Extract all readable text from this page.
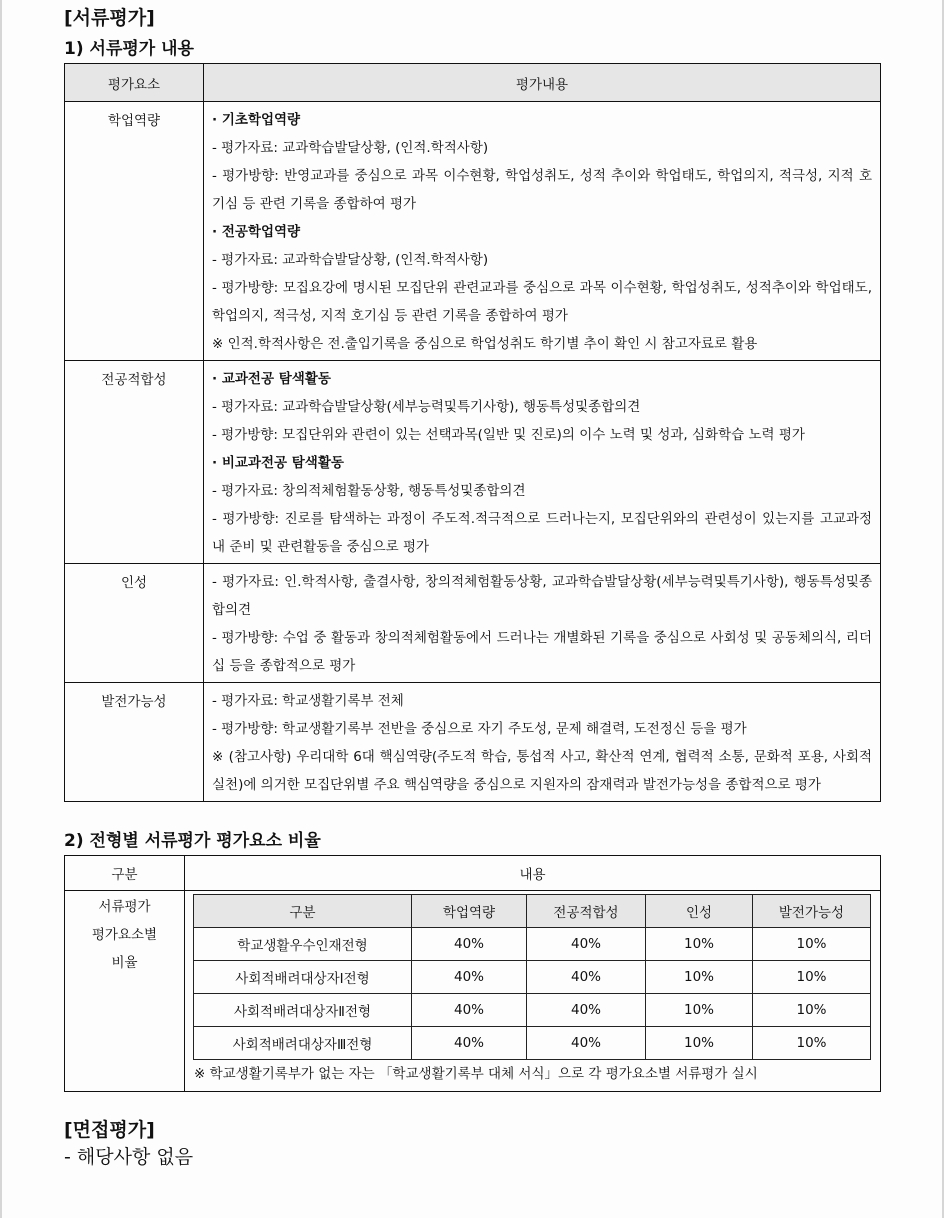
[서류평가]

1) 서류평가 내용

평가요소	평가내용
학업역량	· 기초학업역량
- 평가자료: 교과학습발달상황, (인적.학적사항)
- 평가방향: 반영교과를 중심으로 과목 이수현황, 학업성취도, 성적 추이와 학업태도, 학업의지, 적극성, 지적 호기심 등 관련 기록을 종합하여 평가
· 전공학업역량
- 평가자료: 교과학습발달상황, (인적.학적사항)
- 평가방향: 모집요강에 명시된 모집단위 관련교과를 중심으로 과목 이수현황, 학업성취도, 성적추이와 학업태도, 학업의지, 적극성, 지적 호기심 등 관련 기록을 종합하여 평가
※ 인적.학적사항은 전.출입기록을 중심으로 학업성취도 학기별 추이 확인 시 참고자료로 활용

전공적합성	· 교과전공 탐색활동
- 평가자료: 교과학습발달상황(세부능력및특기사항), 행동특성및종합의견
- 평가방향: 모집단위와 관련이 있는 선택과목(일반 및 진로)의 이수 노력 및 성과, 심화학습 노력 평가
· 비교과전공 탐색활동
- 평가자료: 창의적체험활동상황, 행동특성및종합의견
- 평가방향: 진로를 탐색하는 과정이 주도적.적극적으로 드러나는지, 모집단위와의 관련성이 있는지를 고교과정 내 준비 및 관련활동을 중심으로 평가

인성	- 평가자료: 인.학적사항, 출결사항, 창의적체험활동상황, 교과학습발달상황(세부능력및특기사항), 행동특성및종합의견
- 평가방향: 수업 중 활동과 창의적체험활동에서 드러나는 개별화된 기록을 중심으로 사회성 및 공동체의식, 리더십 등을 종합적으로 평가

발전가능성	- 평가자료: 학교생활기록부 전체
- 평가방향: 학교생활기록부 전반을 중심으로 자기 주도성, 문제 해결력, 도전정신 등을 평가
※ (참고사항) 우리대학 6대 핵심역량(주도적 학습, 통섭적 사고, 확산적 연계, 협력적 소통, 문화적 포용, 사회적 실천)에 의거한 모집단위별 주요 핵심역량을 중심으로 지원자의 잠재력과 발전가능성을 종합적으로 평가

2) 전형별 서류평가 평가요소 비율

구분	내용

서류평가
평가요소별
비율

구분	학업역량	전공적합성	인성	발전가능성
학교생활우수인재전형	40%	40%	10%	10%
사회적배려대상자Ⅰ전형	40%	40%	10%	10%
사회적배려대상자Ⅱ전형	40%	40%	10%	10%
사회적배려대상자Ⅲ전형	40%	40%	10%	10%
※ 학교생활기록부가 없는 자는 「학교생활기록부 대체 서식」으로 각 평가요소별 서류평가 실시

[면접평가]

- 해당사항 없음
